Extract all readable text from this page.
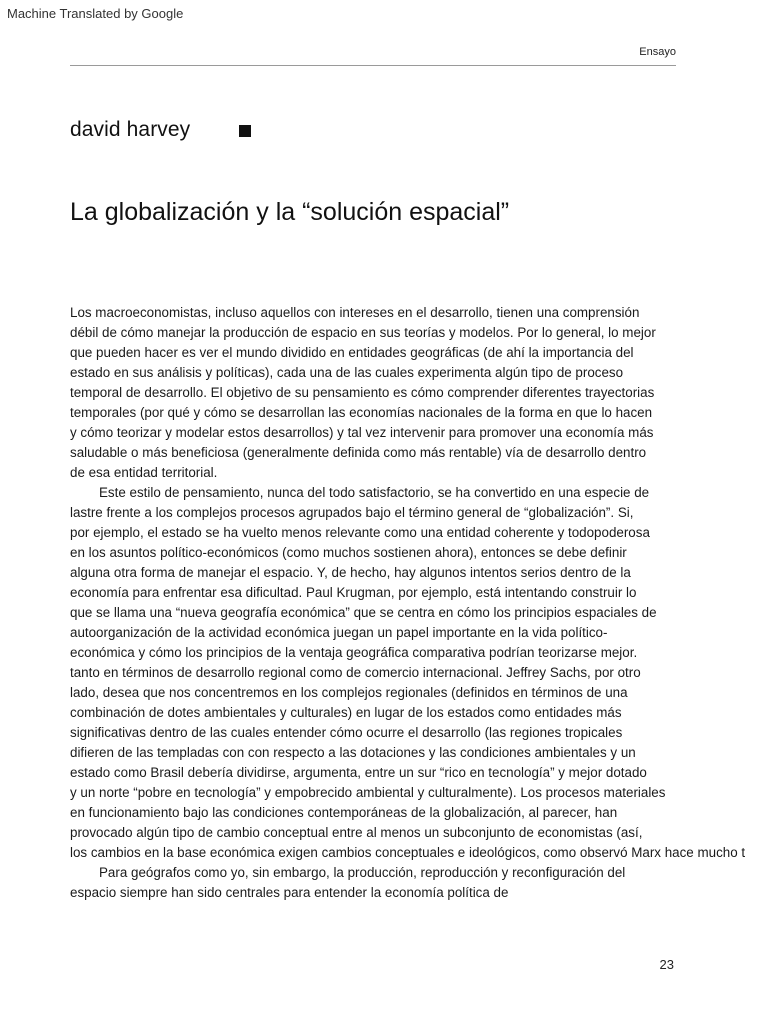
Machine Translated by Google
Ensayo
david harvey
La globalización y la “solución espacial”
Los macroeconomistas, incluso aquellos con intereses en el desarrollo, tienen una comprensión
débil de cómo manejar la producción de espacio en sus teorías y modelos. Por lo general, lo mejor
que pueden hacer es ver el mundo dividido en entidades geográficas (de ahí la importancia del
estado en sus análisis y políticas), cada una de las cuales experimenta algún tipo de proceso
temporal de desarrollo. El objetivo de su pensamiento es cómo comprender diferentes trayectorias
temporales (por qué y cómo se desarrollan las economías nacionales de la forma en que lo hacen
y cómo teorizar y modelar estos desarrollos) y tal vez intervenir para promover una economía más
saludable o más beneficiosa (generalmente definida como más rentable) vía de desarrollo dentro
de esa entidad territorial.
Este estilo de pensamiento, nunca del todo satisfactorio, se ha convertido en una especie de
lastre frente a los complejos procesos agrupados bajo el término general de “globalización”. Si,
por ejemplo, el estado se ha vuelto menos relevante como una entidad coherente y todopoderosa
en los asuntos político-económicos (como muchos sostienen ahora), entonces se debe definir
alguna otra forma de manejar el espacio. Y, de hecho, hay algunos intentos serios dentro de la
economía para enfrentar esa dificultad. Paul Krugman, por ejemplo, está intentando construir lo
que se llama una “nueva geografía económica” que se centra en cómo los principios espaciales de
autoorganización de la actividad económica juegan un papel importante en la vida político-
económica y cómo los principios de la ventaja geográfica comparativa podrían teorizarse mejor.
tanto en términos de desarrollo regional como de comercio internacional. Jeffrey Sachs, por otro
lado, desea que nos concentremos en los complejos regionales (definidos en términos de una
combinación de dotes ambientales y culturales) en lugar de los estados como entidades más
significativas dentro de las cuales entender cómo ocurre el desarrollo (las regiones tropicales
difieren de las templadas con con respecto a las dotaciones y las condiciones ambientales y un
estado como Brasil debería dividirse, argumenta, entre un sur “rico en tecnología” y mejor dotado
y un norte “pobre en tecnología” y empobrecido ambiental y culturalmente). Los procesos materiales
en funcionamiento bajo las condiciones contemporáneas de la globalización, al parecer, han
provocado algún tipo de cambio conceptual entre al menos un subconjunto de economistas (así,
los cambios en la base económica exigen cambios conceptuales e ideológicos, como observó Marx hace mucho t
Para geógrafos como yo, sin embargo, la producción, reproducción y reconfiguración del
espacio siempre han sido centrales para entender la economía política de
23
